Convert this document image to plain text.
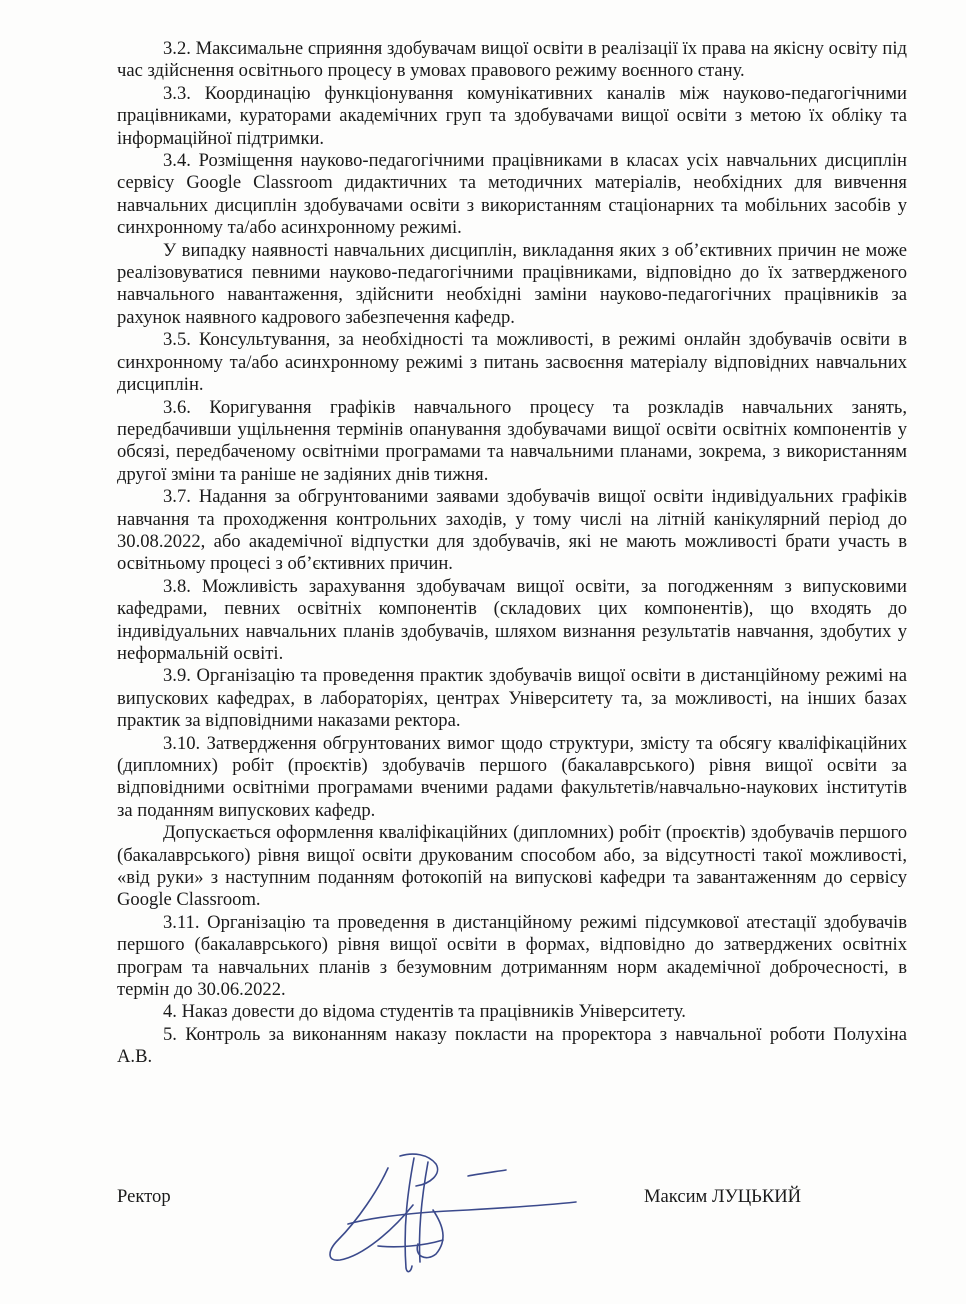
3.2. Максимальне сприяння здобувачам вищої освіти в реалізації їх права на якісну освіту під час здійснення освітнього процесу в умовах правового режиму воєнного стану.

3.3. Координацію функціонування комунікативних каналів між науково-педагогічними працівниками, кураторами академічних груп та здобувачами вищої освіти з метою їх обліку та інформаційної підтримки.

3.4. Розміщення науково-педагогічними працівниками в класах усіх навчальних дисциплін сервісу Google Classroom дидактичних та методичних матеріалів, необхідних для вивчення навчальних дисциплін здобувачами освіти з використанням стаціонарних та мобільних засобів у синхронному та/або асинхронному режимі.

У випадку наявності навчальних дисциплін, викладання яких з об’єктивних причин не може реалізовуватися певними науково-педагогічними працівниками, відповідно до їх затвердженого навчального навантаження, здійснити необхідні заміни науково-педагогічних працівників за рахунок наявного кадрового забезпечення кафедр.

3.5. Консультування, за необхідності та можливості, в режимі онлайн здобувачів освіти в синхронному та/або асинхронному режимі з питань засвоєння матеріалу відповідних навчальних дисциплін.

3.6. Коригування графіків навчального процесу та розкладів навчальних занять, передбачивши ущільнення термінів опанування здобувачами вищої освіти освітніх компонентів у обсязі, передбаченому освітніми програмами та навчальними планами, зокрема, з використанням другої зміни та раніше не задіяних днів тижня.

3.7. Надання за обгрунтованими заявами здобувачів вищої освіти індивідуальних графіків навчання та проходження контрольних заходів, у тому числі на літній канікулярний період до 30.08.2022, або академічної відпустки для здобувачів, які не мають можливості брати участь в освітньому процесі з об’єктивних причин.

3.8. Можливість зарахування здобувачам вищої освіти, за погодженням з випусковими кафедрами, певних освітніх компонентів (складових цих компонентів), що входять до індивідуальних навчальних планів здобувачів, шляхом визнання результатів навчання, здобутих у неформальній освіті.

3.9. Організацію та проведення практик здобувачів вищої освіти в дистанційному режимі на випускових кафедрах, в лабораторіях, центрах Університету та, за можливості, на інших базах практик за відповідними наказами ректора.

3.10. Затвердження обгрунтованих вимог щодо структури, змісту та обсягу кваліфікаційних (дипломних) робіт (проєктів) здобувачів першого (бакалаврського) рівня вищої освіти за відповідними освітніми програмами вченими радами факультетів/навчально-наукових інститутів за поданням випускових кафедр.

Допускається оформлення кваліфікаційних (дипломних) робіт (проєктів) здобувачів першого (бакалаврського) рівня вищої освіти друкованим способом або, за відсутності такої можливості, «від руки» з наступним поданням фотокопій на випускові кафедри та завантаженням до сервісу Google Classroom.

3.11. Організацію та проведення в дистанційному режимі підсумкової атестації здобувачів першого (бакалаврського) рівня вищої освіти в формах, відповідно до затверджених освітніх програм та навчальних планів з безумовним дотриманням норм академічної доброчесності, в термін до 30.06.2022.

4. Наказ довести до відома студентів та працівників Університету.

5. Контроль за виконанням наказу покласти на проректора з навчальної роботи Полухіна А.В.

Ректор	Максим ЛУЦЬКИЙ
